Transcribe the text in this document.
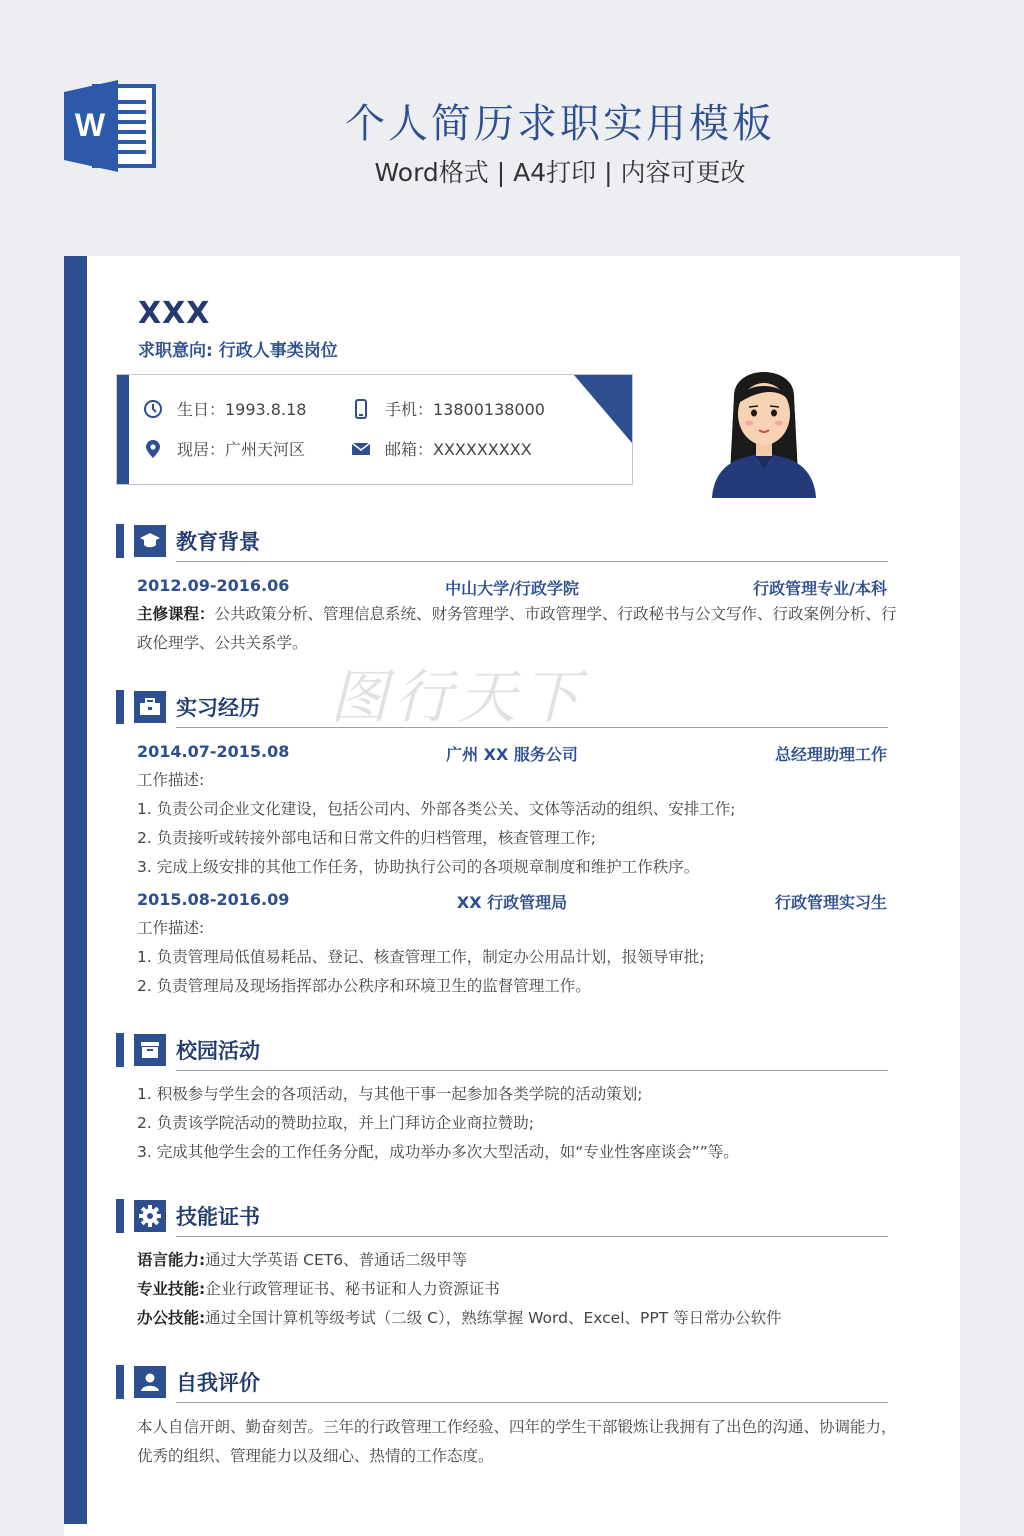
W	个人简历求职实用模板
Word格式 | A4打印 | 内容可更改
XXX
求职意向: 行政人事类岗位
生日：1993.8.18	手机：13800138000
现居：广州天河区	邮箱：XXXXXXXXX
教育背景
2012.09-2016.06	中山大学/行政学院	行政管理专业/本科
主修课程：公共政策分析、管理信息系统、财务管理学、市政管理学、行政秘书与公文写作、行政案例分析、行政伦理学、公共关系学。
实习经历
2014.07-2015.08	广州 XX 服务公司	总经理助理工作
工作描述:
1. 负责公司企业文化建设，包括公司内、外部各类公关、文体等活动的组织、安排工作;
2. 负责接听或转接外部电话和日常文件的归档管理，核查管理工作;
3. 完成上级安排的其他工作任务，协助执行公司的各项规章制度和维护工作秩序。
2015.08-2016.09	XX 行政管理局	行政管理实习生
工作描述:
1. 负责管理局低值易耗品、登记、核查管理工作，制定办公用品计划，报领导审批;
2. 负责管理局及现场指挥部办公秩序和环境卫生的监督管理工作。
校园活动
1. 积极参与学生会的各项活动，与其他干事一起参加各类学院的活动策划;
2. 负责该学院活动的赞助拉取，并上门拜访企业商拉赞助;
3. 完成其他学生会的工作任务分配，成功举办多次大型活动，如“专业性客座谈会””等。
技能证书
语言能力:通过大学英语 CET6、普通话二级甲等
专业技能:企业行政管理证书、秘书证和人力资源证书
办公技能:通过全国计算机等级考试（二级 C），熟练掌握 Word、Excel、PPT 等日常办公软件
自我评价
本人自信开朗、勤奋刻苦。三年的行政管理工作经验、四年的学生干部锻炼让我拥有了出色的沟通、协调能力，优秀的组织、管理能力以及细心、热情的工作态度。
图行天下
